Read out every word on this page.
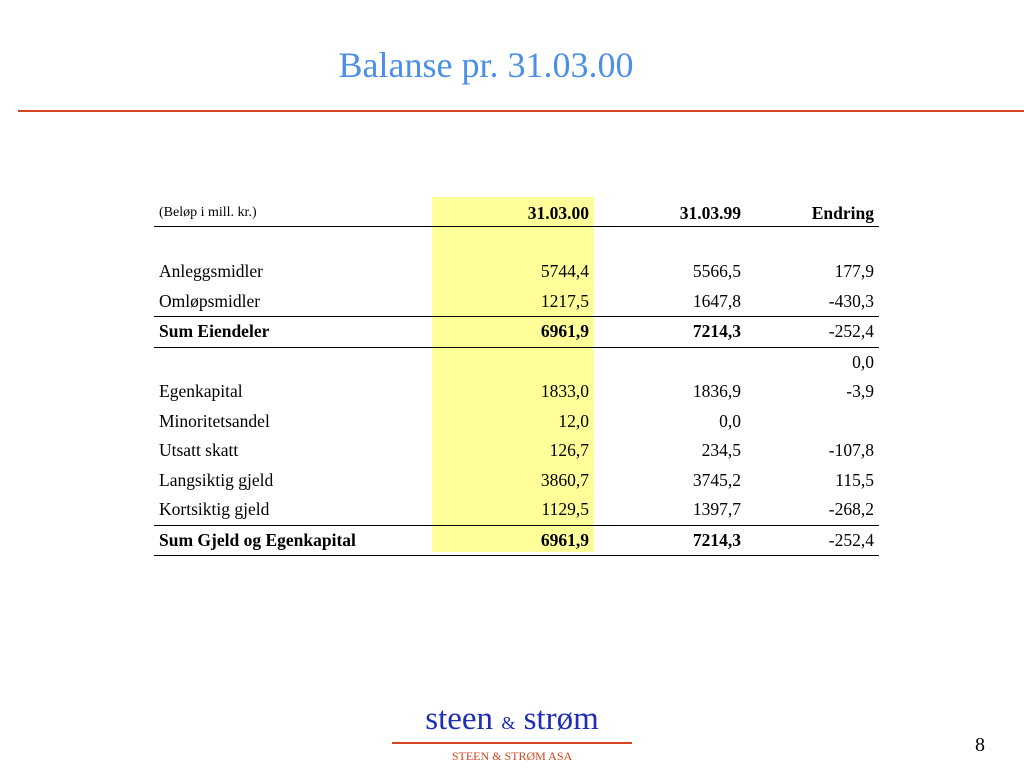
Balanse pr. 31.03.00
(Beløp i mill. kr.)	31.03.00	31.03.99	Endring

Anleggsmidler	5744,4	5566,5	177,9
Omløpsmidler	1217,5	1647,8	-430,3
Sum Eiendeler	6961,9	7214,3	-252,4
			0,0
Egenkapital	1833,0	1836,9	-3,9
Minoritetsandel	12,0	0,0	
Utsatt skatt	126,7	234,5	-107,8
Langsiktig gjeld	3860,7	3745,2	115,5
Kortsiktig gjeld	1129,5	1397,7	-268,2
Sum Gjeld og Egenkapital	6961,9	7214,3	-252,4
steen & strøm
STEEN & STRØM ASA	8
